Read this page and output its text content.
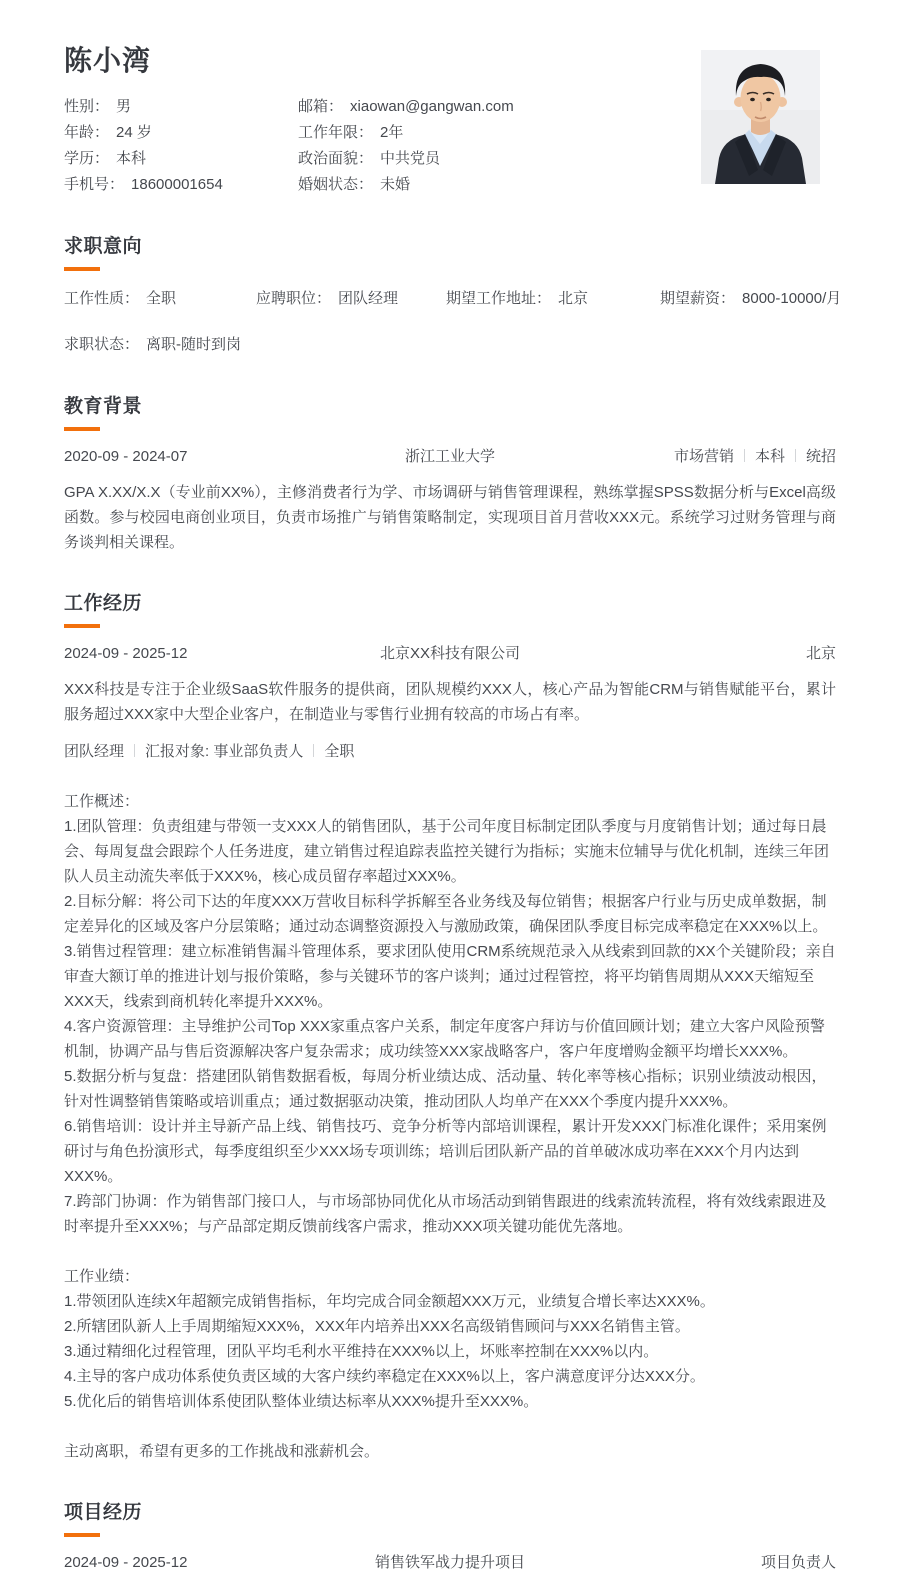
陈小湾
性别 ： 男	邮箱 ： xiaowan@gangwan.com
年龄 ： 24 岁	工作年限 ： 2年
学历 ： 本科	政治面貌 ： 中共党员
手机号 ： 18600001654	婚姻状态 ： 未婚
求职意向
工作性质 ： 全职	应聘职位 ： 团队经理	期望工作地址 ： 北京	期望薪资 ： 8000-10000/月
求职状态 ： 离职-随时到岗
教育背景
2020-09 - 2024-07	浙江工业大学	市场营销 本科 统招

GPA X.XX/X.X（专业前XX%），主修消费者行为学、市场调研与销售管理课程，熟练掌握SPSS数据分析与Excel高级函数。参与校园电商创业项目，负责市场推广与销售策略制定，实现项目首月营收XXX元。系统学习过财务管理与商务谈判相关课程。

工作经历
2024-09 - 2025-12	北京XX科技有限公司	北京

XXX科技是专注于企业级SaaS软件服务的提供商，团队规模约XXX人，核心产品为智能CRM与销售赋能平台，累计服务超过XXX家中大型企业客户，在制造业与零售行业拥有较高的市场占有率。

团队经理 汇报对象: 事业部负责人 全职

工作概述：

1.团队管理：负责组建与带领一支XXX人的销售团队，基于公司年度目标制定团队季度与月度销售计划；通过每日晨会、每周复盘会跟踪个人任务进度，建立销售过程追踪表监控关键行为指标；实施末位辅导与优化机制，连续三年团队人员主动流失率低于XXX%，核心成员留存率超过XXX%。

2.目标分解：将公司下达的年度XXX万营收目标科学拆解至各业务线及每位销售；根据客户行业与历史成单数据，制定差异化的区域及客户分层策略；通过动态调整资源投入与激励政策，确保团队季度目标完成率稳定在XXX%以上。

3.销售过程管理：建立标准销售漏斗管理体系，要求团队使用CRM系统规范录入从线索到回款的XX个关键阶段；亲自审查大额订单的推进计划与报价策略，参与关键环节的客户谈判；通过过程管控，将平均销售周期从XXX天缩短至XXX天，线索到商机转化率提升XXX%。

4.客户资源管理：主导维护公司Top XXX家重点客户关系，制定年度客户拜访与价值回顾计划；建立大客户风险预警机制，协调产品与售后资源解决客户复杂需求；成功续签XXX家战略客户，客户年度增购金额平均增长XXX%。

5.数据分析与复盘：搭建团队销售数据看板，每周分析业绩达成、活动量、转化率等核心指标；识别业绩波动根因，针对性调整销售策略或培训重点；通过数据驱动决策，推动团队人均单产在XXX个季度内提升XXX%。

6.销售培训：设计并主导新产品上线、销售技巧、竞争分析等内部培训课程，累计开发XXX门标准化课件；采用案例研讨与角色扮演形式，每季度组织至少XXX场专项训练；培训后团队新产品的首单破冰成功率在XXX个月内达到XXX%。

7.跨部门协调：作为销售部门接口人，与市场部协同优化从市场活动到销售跟进的线索流转流程，将有效线索跟进及时率提升至XXX%；与产品部定期反馈前线客户需求，推动XXX项关键功能优先落地。

工作业绩：

1.带领团队连续X年超额完成销售指标，年均完成合同金额超XXX万元，业绩复合增长率达XXX%。

2.所辖团队新人上手周期缩短XXX%，XXX年内培养出XXX名高级销售顾问与XXX名销售主管。

3.通过精细化过程管理，团队平均毛利水平维持在XXX%以上，坏账率控制在XXX%以内。

4.主导的客户成功体系使负责区域的大客户续约率稳定在XXX%以上，客户满意度评分达XXX分。

5.优化后的销售培训体系使团队整体业绩达标率从XXX%提升至XXX%。

主动离职，希望有更多的工作挑战和涨薪机会。

项目经历
2024-09 - 2025-12	销售铁军战力提升项目	项目负责人
